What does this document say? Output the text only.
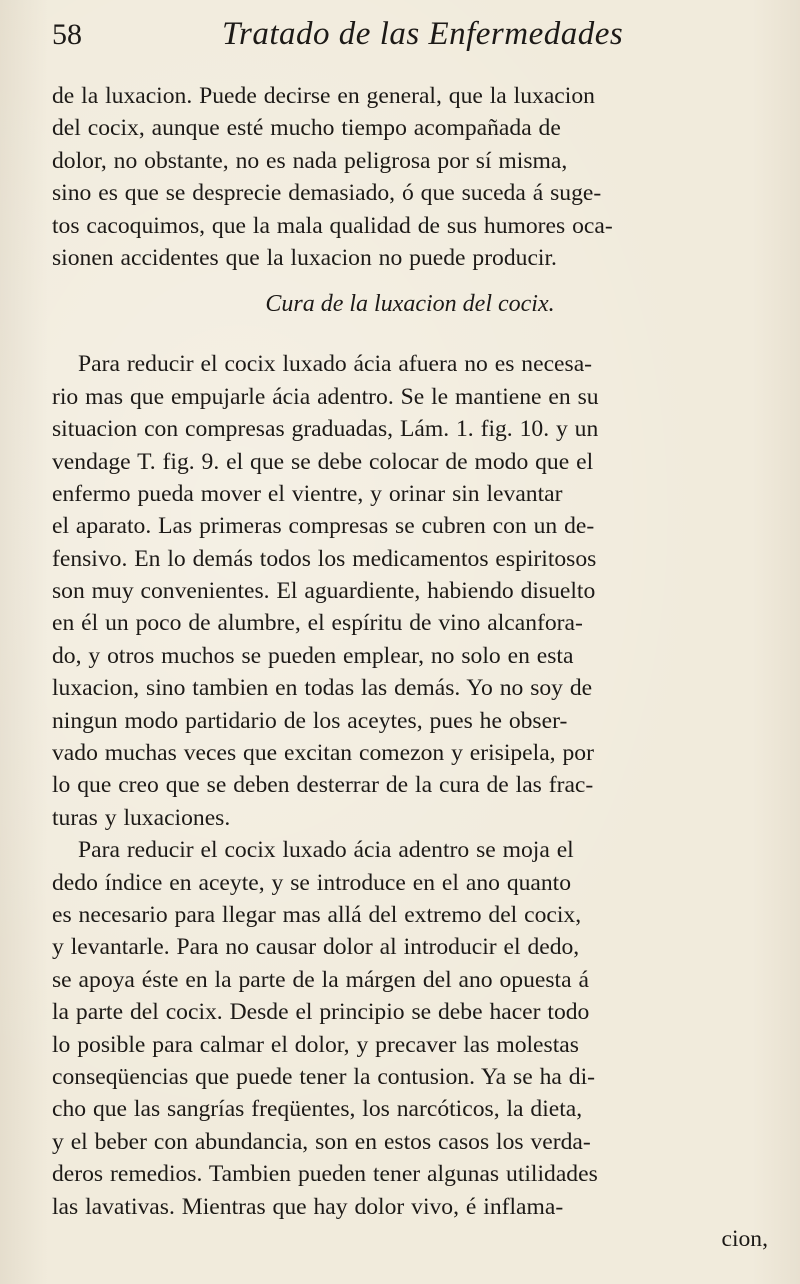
58	Tratado de las Enfermedades
de la luxacion. Puede decirse en general, que la luxacion
del cocix, aunque esté mucho tiempo acompañada de
dolor, no obstante, no es nada peligrosa por sí misma,
sino es que se desprecie demasiado, ó que suceda á suge-
tos cacoquimos, que la mala qualidad de sus humores oca-
sionen accidentes que la luxacion no puede producir.
Cura de la luxacion del cocix.
Para reducir el cocix luxado ácia afuera no es necesa-
rio mas que empujarle ácia adentro. Se le mantiene en su
situacion con compresas graduadas, Lám. 1. fig. 10. y un
vendage T. fig. 9. el que se debe colocar de modo que el
enfermo pueda mover el vientre, y orinar sin levantar
el aparato. Las primeras compresas se cubren con un de-
fensivo. En lo demás todos los medicamentos espiritosos
son muy convenientes. El aguardiente, habiendo disuelto
en él un poco de alumbre, el espíritu de vino alcanfora-
do, y otros muchos se pueden emplear, no solo en esta
luxacion, sino tambien en todas las demás. Yo no soy de
ningun modo partidario de los aceytes, pues he obser-
vado muchas veces que excitan comezon y erisipela, por
lo que creo que se deben desterrar de la cura de las frac-
turas y luxaciones.
Para reducir el cocix luxado ácia adentro se moja el
dedo índice en aceyte, y se introduce en el ano quanto
es necesario para llegar mas allá del extremo del cocix,
y levantarle. Para no causar dolor al introducir el dedo,
se apoya éste en la parte de la márgen del ano opuesta á
la parte del cocix. Desde el principio se debe hacer todo
lo posible para calmar el dolor, y precaver las molestas
conseqüencias que puede tener la contusion. Ya se ha di-
cho que las sangrías freqüentes, los narcóticos, la dieta,
y el beber con abundancia, son en estos casos los verda-
deros remedios. Tambien pueden tener algunas utilidades
las lavativas. Mientras que hay dolor vivo, é inflama-
cion,
